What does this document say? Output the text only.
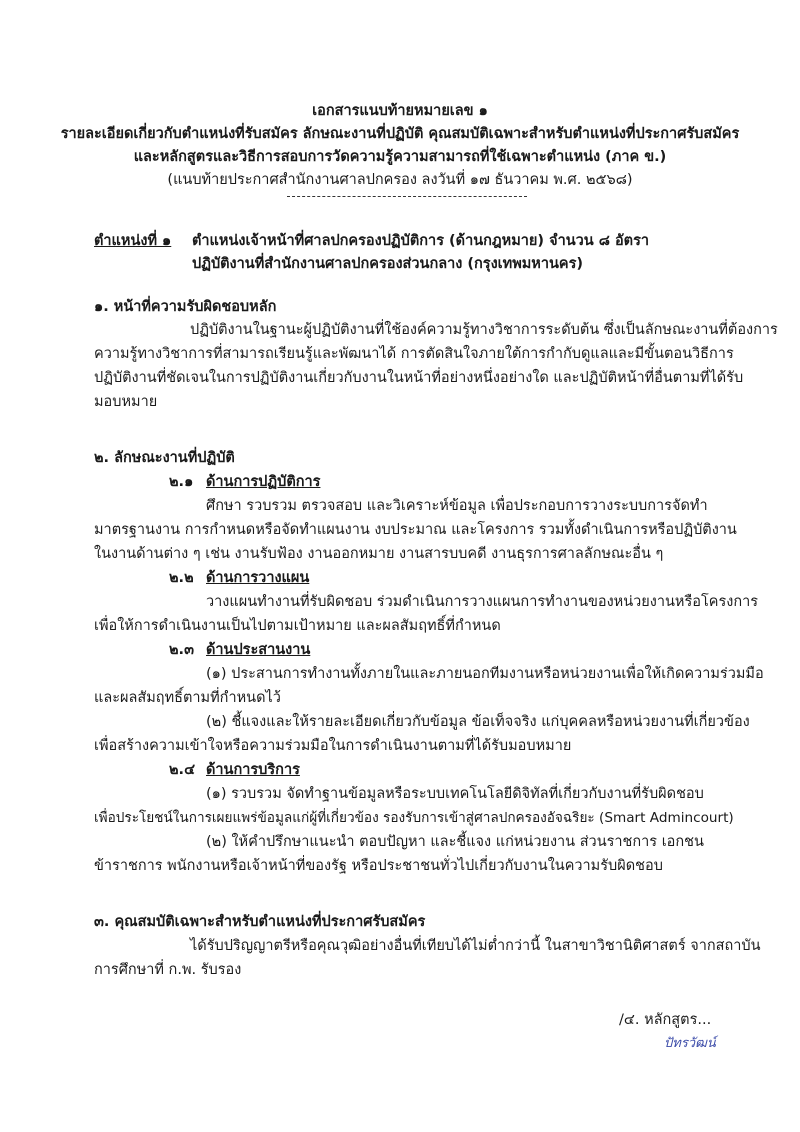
เอกสารแนบท้ายหมายเลข ๑
รายละเอียดเกี่ยวกับตำแหน่งที่รับสมัคร ลักษณะงานที่ปฏิบัติ คุณสมบัติเฉพาะสำหรับตำแหน่งที่ประกาศรับสมัคร
และหลักสูตรและวิธีการสอบการวัดความรู้ความสามารถที่ใช้เฉพาะตำแหน่ง (ภาค ข.)
(แนบท้ายประกาศสำนักงานศาลปกครอง ลงวันที่ ๑๗ ธันวาคม พ.ศ. ๒๕๖๘)
ตำแหน่งที่ ๑ ตำแหน่งเจ้าหน้าที่ศาลปกครองปฏิบัติการ (ด้านกฎหมาย) จำนวน ๘ อัตรา
ปฏิบัติงานที่สำนักงานศาลปกครองส่วนกลาง (กรุงเทพมหานคร)
๑. หน้าที่ความรับผิดชอบหลัก
ปฏิบัติงานในฐานะผู้ปฏิบัติงานที่ใช้องค์ความรู้ทางวิชาการระดับต้น ซึ่งเป็นลักษณะงานที่ต้องการ
ความรู้ทางวิชาการที่สามารถเรียนรู้และพัฒนาได้ การตัดสินใจภายใต้การกำกับดูแลและมีขั้นตอนวิธีการ
ปฏิบัติงานที่ชัดเจนในการปฏิบัติงานเกี่ยวกับงานในหน้าที่อย่างหนึ่งอย่างใด และปฏิบัติหน้าที่อื่นตามที่ได้รับ
มอบหมาย
๒. ลักษณะงานที่ปฏิบัติ
๒.๑ ด้านการปฏิบัติการ
ศึกษา รวบรวม ตรวจสอบ และวิเคราะห์ข้อมูล เพื่อประกอบการวางระบบการจัดทำ
มาตรฐานงาน การกำหนดหรือจัดทำแผนงาน งบประมาณ และโครงการ รวมทั้งดำเนินการหรือปฏิบัติงาน
ในงานด้านต่าง ๆ เช่น งานรับฟ้อง งานออกหมาย งานสารบบคดี งานธุรการศาลลักษณะอื่น ๆ
๒.๒ ด้านการวางแผน
วางแผนทำงานที่รับผิดชอบ ร่วมดำเนินการวางแผนการทำงานของหน่วยงานหรือโครงการ
เพื่อให้การดำเนินงานเป็นไปตามเป้าหมาย และผลสัมฤทธิ์ที่กำหนด
๒.๓ ด้านประสานงาน
(๑) ประสานการทำงานทั้งภายในและภายนอกทีมงานหรือหน่วยงานเพื่อให้เกิดความร่วมมือ
และผลสัมฤทธิ์ตามที่กำหนดไว้
(๒) ชี้แจงและให้รายละเอียดเกี่ยวกับข้อมูล ข้อเท็จจริง แก่บุคคลหรือหน่วยงานที่เกี่ยวข้อง
เพื่อสร้างความเข้าใจหรือความร่วมมือในการดำเนินงานตามที่ได้รับมอบหมาย
๒.๔ ด้านการบริการ
(๑) รวบรวม จัดทำฐานข้อมูลหรือระบบเทคโนโลยีดิจิทัลที่เกี่ยวกับงานที่รับผิดชอบ
เพื่อประโยชน์ในการเผยแพร่ข้อมูลแก่ผู้ที่เกี่ยวข้อง รองรับการเข้าสู่ศาลปกครองอัจฉริยะ (Smart Admincourt)
(๒) ให้คำปรึกษาแนะนำ ตอบปัญหา และชี้แจง แก่หน่วยงาน ส่วนราชการ เอกชน
ข้าราชการ พนักงานหรือเจ้าหน้าที่ของรัฐ หรือประชาชนทั่วไปเกี่ยวกับงานในความรับผิดชอบ
๓. คุณสมบัติเฉพาะสำหรับตำแหน่งที่ประกาศรับสมัคร
ได้รับปริญญาตรีหรือคุณวุฒิอย่างอื่นที่เทียบได้ไม่ต่ำกว่านี้ ในสาขาวิชานิติศาสตร์ จากสถาบัน
การศึกษาที่ ก.พ. รับรอง
/๔. หลักสูตร...
ปัทรวัฒน์
